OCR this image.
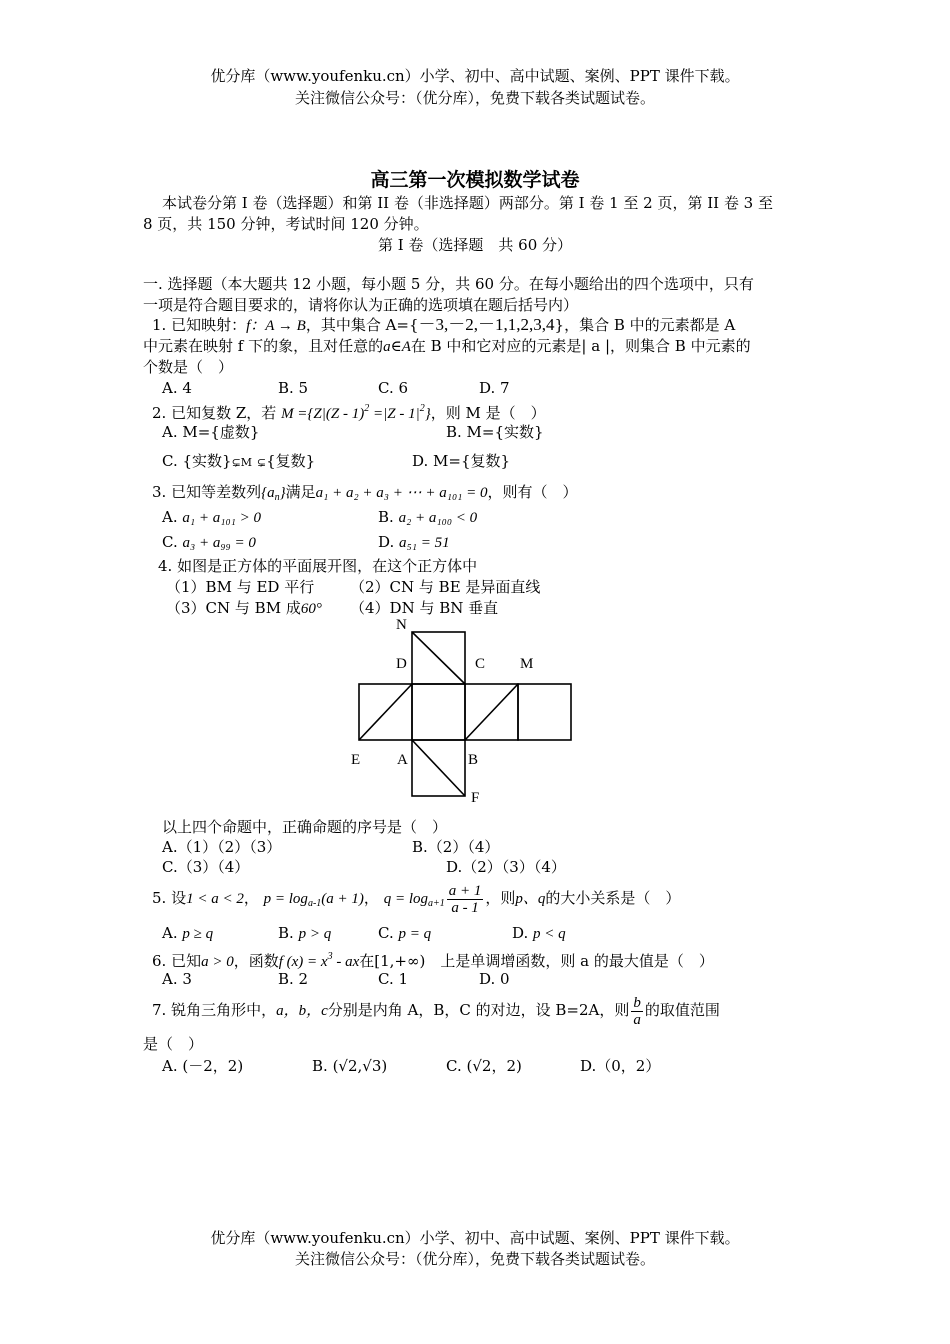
优分库（www.youfenku.cn）小学、初中、高中试题、案例、PPT 课件下载。
关注微信公众号：（优分库），免费下载各类试题试卷。
高三第一次模拟数学试卷
本试卷分第 I 卷（选择题）和第 II 卷（非选择题）两部分。第 I 卷 1 至 2 页，第 II 卷 3 至
8 页，共 150 分钟，考试时间 120 分钟。
第 I 卷（选择题　共 60 分）
一. 选择题（本大题共 12 小题，每小题 5 分，共 60 分。在每小题给出的四个选项中，只有
一项是符合题目要求的，请将你认为正确的选项填在题后括号内）
1. 已知映射：f：A → B，其中集合 A={－3,－2,－1,1,2,3,4}，集合 B 中的元素都是 A
中元素在映射 f 下的象，且对任意的a∈A在 B 中和它对应的元素是| a |，则集合 B 中元素的
个数是（　）
A. 4	B. 5	C. 6	D. 7
2. 已知复数 Z，若 $M =\{Z|(Z - 1)^2 =|Z - 1|^2\}$，则 M 是（　）
A. M={虚数}	B. M={实数}
C. {实数}⊊M ⊊{复数}	D. M={复数}
3. 已知等差数列$\{a_n\}$满足a₁ + a₂ + a₃ + ⋯ + a₁₀₁ = 0，则有（　）
A. a₁ + a₁₀₁ > 0	B. a₂ + a₁₀₀ < 0
C. a₃ + a₉₉ = 0	D. a₅₁ = 51
4. 如图是正方体的平面展开图，在这个正方体中
（1）BM 与 ED 平行 （2）CN 与 BE 是异面直线
（3）CN 与 BM 成60° （4）DN 与 BN 垂直
N
D	C M
E A	B
F
以上四个命题中，正确命题的序号是（　）
A.（1）（2）（3）	B.（2）（4）
C.（3）（4）	D.（2）（3）（4）
5. 设1 < a < 2， $p = \log_{a-1}(a + 1)$， $q = \log_{a+1} \frac{a + 1}{a - 1}$ ，则p、q的大小关系是（　）
A. p ≥ q	B. p > q	C. p = q	D. p < q
6. 已知a > 0，函数f $(x) = x^3$ - ax在[1,+∞)　 上是单调增函数，则 a 的最大值是（　）
A. 3	B. 2	C. 1	D. 0
7. 锐角三角形中，a，b，c分别是内角 A，B，C 的对边，设 B=2A，则 $\frac{b}{a}$ 的取值范围
是（　）
A. (－2，2)	B. (√2,√3)	C. (√2，2)	D.（0，2）
优分库（www.youfenku.cn）小学、初中、高中试题、案例、PPT 课件下载。
关注微信公众号：（优分库），免费下载各类试题试卷。
